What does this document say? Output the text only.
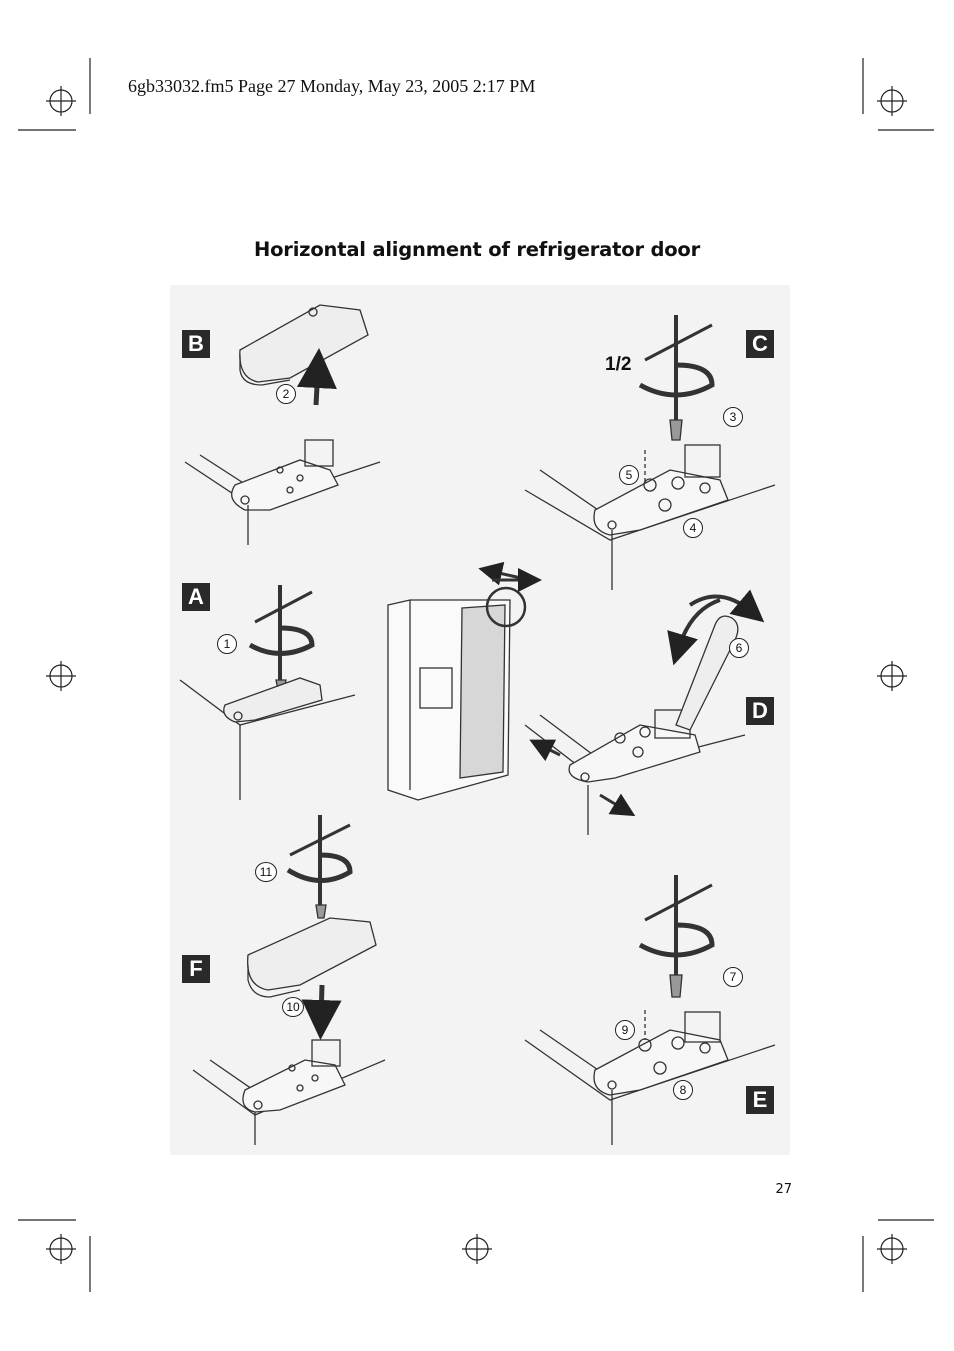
6gb33032.fm5 Page 27 Monday, May 23, 2005 2:17 PM
Horizontal alignment of refrigerator door
B	C
A
D
F
E
1/2
2
3
5
4
1	6
11
7
10
9
8
27
